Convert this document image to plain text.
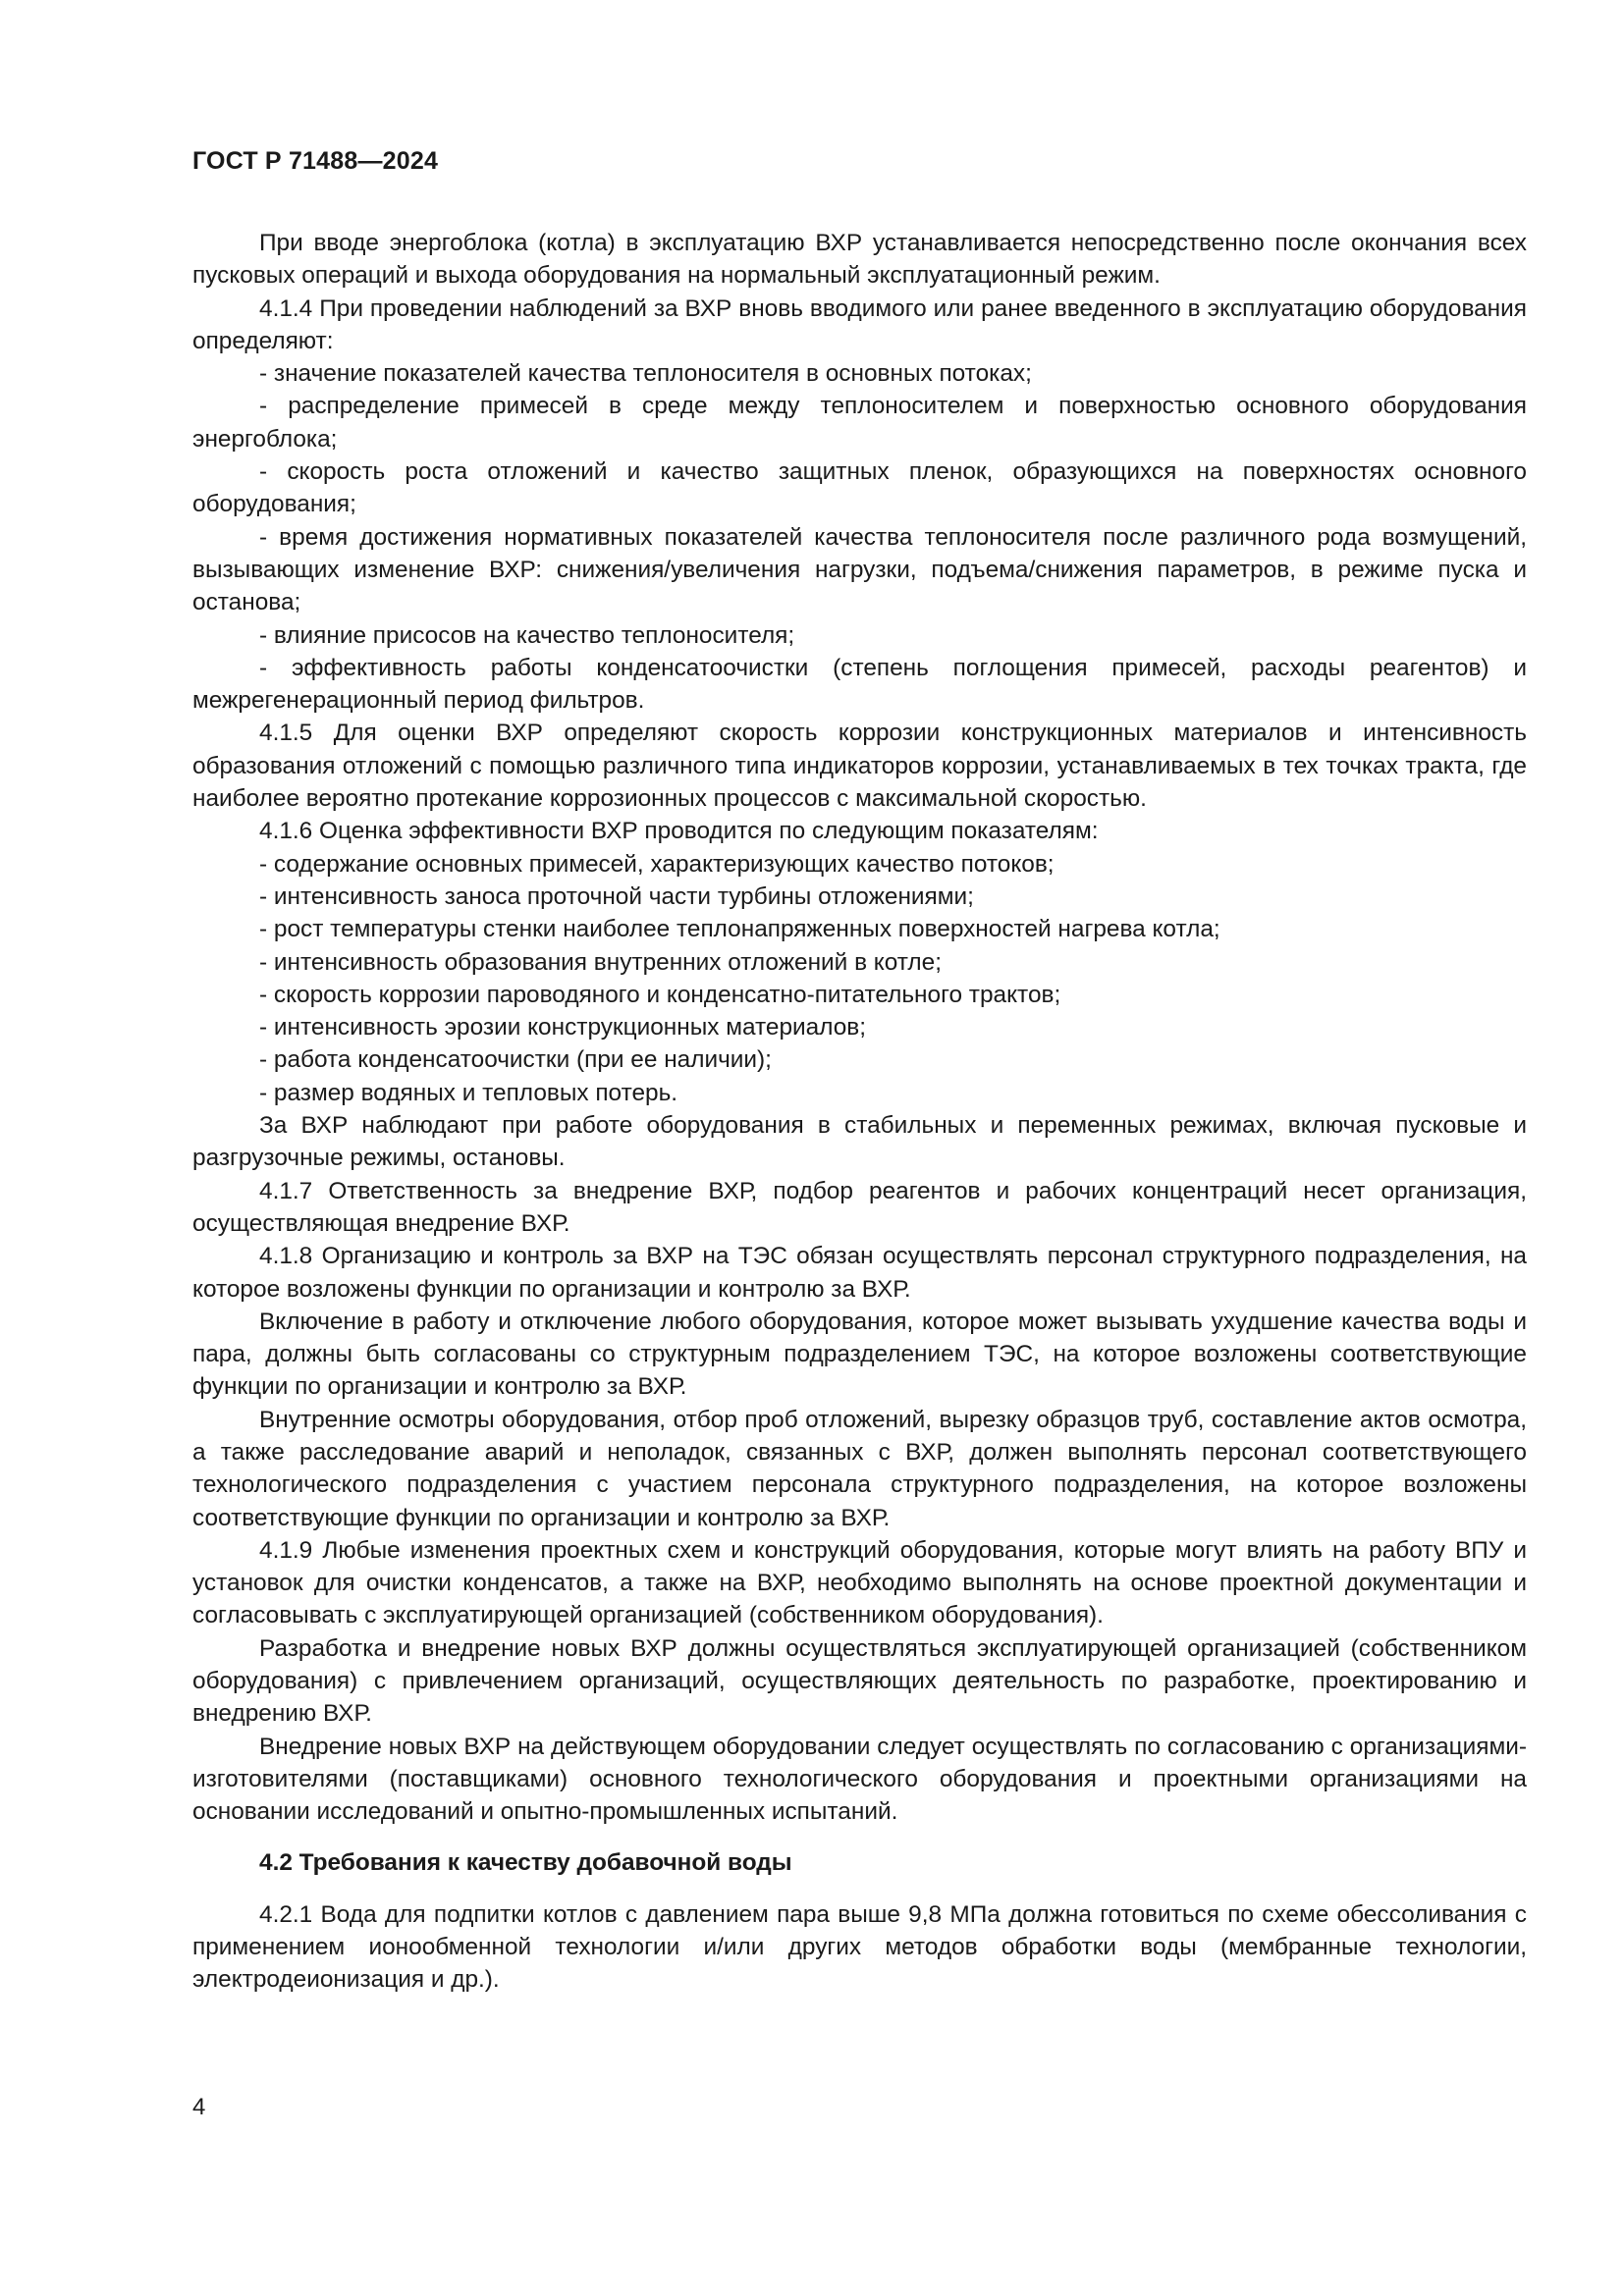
ГОСТ Р 71488—2024

При вводе энергоблока (котла) в эксплуатацию ВХР устанавливается непосредственно после окончания всех пусковых операций и выхода оборудования на нормальный эксплуатационный режим.

4.1.4 При проведении наблюдений за ВХР вновь вводимого или ранее введенного в эксплуатацию оборудования определяют:

- значение показателей качества теплоносителя в основных потоках;

- распределение примесей в среде между теплоносителем и поверхностью основного оборудования энергоблока;

- скорость роста отложений и качество защитных пленок, образующихся на поверхностях основного оборудования;

- время достижения нормативных показателей качества теплоносителя после различного рода возмущений, вызывающих изменение ВХР: снижения/увеличения нагрузки, подъема/снижения параметров, в режиме пуска и останова;

- влияние присосов на качество теплоносителя;

- эффективность работы конденсатоочистки (степень поглощения примесей, расходы реагентов) и межрегенерационный период фильтров.

4.1.5 Для оценки ВХР определяют скорость коррозии конструкционных материалов и интенсивность образования отложений с помощью различного типа индикаторов коррозии, устанавливаемых в тех точках тракта, где наиболее вероятно протекание коррозионных процессов с максимальной скоростью.

4.1.6 Оценка эффективности ВХР проводится по следующим показателям:

- содержание основных примесей, характеризующих качество потоков;

- интенсивность заноса проточной части турбины отложениями;

- рост температуры стенки наиболее теплонапряженных поверхностей нагрева котла;

- интенсивность образования внутренних отложений в котле;

- скорость коррозии пароводяного и конденсатно-питательного трактов;

- интенсивность эрозии конструкционных материалов;

- работа конденсатоочистки (при ее наличии);

- размер водяных и тепловых потерь.

За ВХР наблюдают при работе оборудования в стабильных и переменных режимах, включая пусковые и разгрузочные режимы, остановы.

4.1.7 Ответственность за внедрение ВХР, подбор реагентов и рабочих концентраций несет организация, осуществляющая внедрение ВХР.

4.1.8 Организацию и контроль за ВХР на ТЭС обязан осуществлять персонал структурного подразделения, на которое возложены функции по организации и контролю за ВХР.

Включение в работу и отключение любого оборудования, которое может вызывать ухудшение качества воды и пара, должны быть согласованы со структурным подразделением ТЭС, на которое возложены соответствующие функции по организации и контролю за ВХР.

Внутренние осмотры оборудования, отбор проб отложений, вырезку образцов труб, составление актов осмотра, а также расследование аварий и неполадок, связанных с ВХР, должен выполнять персонал соответствующего технологического подразделения с участием персонала структурного подразделения, на которое возложены соответствующие функции по организации и контролю за ВХР.

4.1.9 Любые изменения проектных схем и конструкций оборудования, которые могут влиять на работу ВПУ и установок для очистки конденсатов, а также на ВХР, необходимо выполнять на основе проектной документации и согласовывать с эксплуатирующей организацией (собственником оборудования).

Разработка и внедрение новых ВХР должны осуществляться эксплуатирующей организацией (собственником оборудования) с привлечением организаций, осуществляющих деятельность по разработке, проектированию и внедрению ВХР.

Внедрение новых ВХР на действующем оборудовании следует осуществлять по согласованию с организациями-изготовителями (поставщиками) основного технологического оборудования и проектными организациями на основании исследований и опытно-промышленных испытаний.

4.2 Требования к качеству добавочной воды

4.2.1 Вода для подпитки котлов с давлением пара выше 9,8 МПа должна готовиться по схеме обессоливания с применением ионообменной технологии и/или других методов обработки воды (мембранные технологии, электродеионизация и др.).

4
